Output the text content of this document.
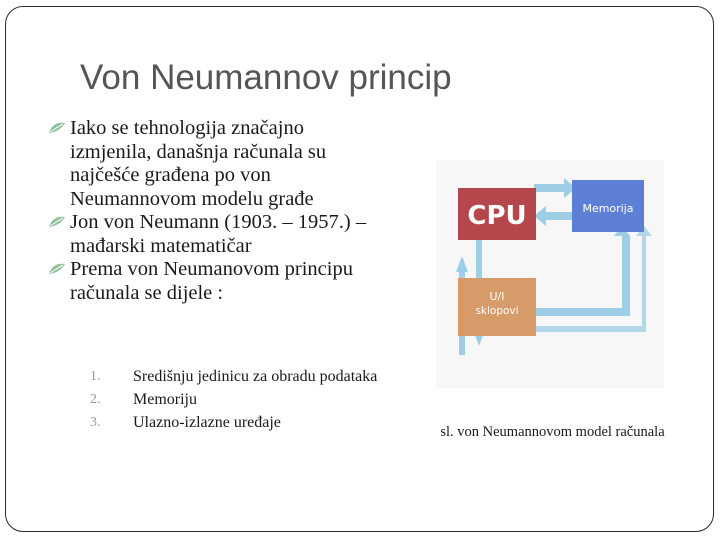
Von Neumannov princip
Iako se tehnologija značajno izmjenila, današnja računala su najčešće građena po von Neumannovom modelu građe
Jon von Neumann (1903. – 1957.) – mađarski matematičar
Prema von Neumanovom principu računala se dijele :
1. Središnju jedinicu za obradu podataka
2. Memoriju
3. Ulazno-izlazne uređaje
CPU	Memorija
U/I
sklopovi
sl. von Neumannovom model računala
